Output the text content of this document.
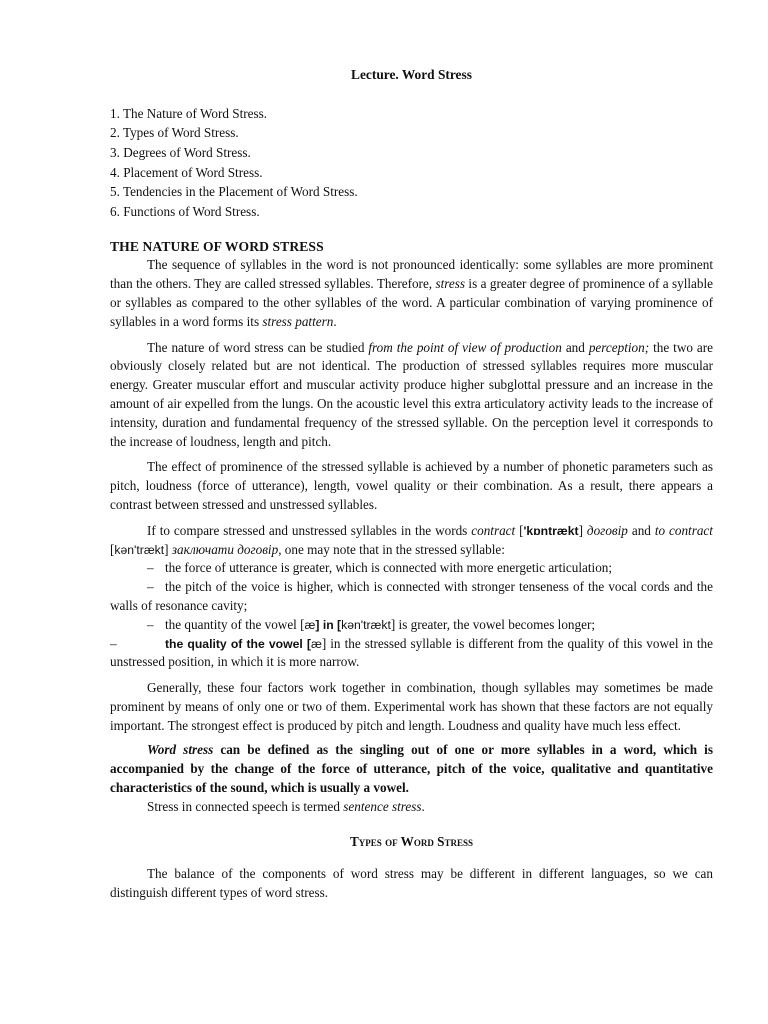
Lecture. Word Stress
1. The Nature of Word Stress.
2. Types of Word Stress.
3. Degrees of Word Stress.
4. Placement of Word Stress.
5. Tendencies in the Placement of Word Stress.
6. Functions of Word Stress.
THE NATURE OF WORD STRESS

The sequence of syllables in the word is not pronounced identically: some syllables are more prominent than the others. They are called stressed syllables. Therefore, stress is a greater degree of prominence of a syllable or syllables as compared to the other syllables of the word. A particular combination of varying prominence of syllables in a word forms its stress pattern.

The nature of word stress can be studied from the point of view of production and perception; the two are obviously closely related but are not identical. The production of stressed syllables requires more muscular energy. Greater muscular effort and muscular activity produce higher subglottal pressure and an increase in the amount of air expelled from the lungs. On the acoustic level this extra articulatory activity leads to the increase of intensity, duration and fundamental frequency of the stressed syllable. On the perception level it corresponds to the increase of loudness, length and pitch.

The effect of prominence of the stressed syllable is achieved by a number of phonetic parameters such as pitch, loudness (force of utterance), length, vowel quality or their combination. As a result, there appears a contrast between stressed and unstressed syllables.

If to compare stressed and unstressed syllables in the words contract ['kɒntrækt] договір and to contract [kən'trækt] заключати договір, one may note that in the stressed syllable:

– the force of utterance is greater, which is connected with more energetic articulation;

– the pitch of the voice is higher, which is connected with stronger tenseness of the vocal cords and the walls of resonance cavity;

– the quantity of the vowel [æ] in [kən'trækt] is greater, the vowel becomes longer;

–	the quality of the vowel [æ] in the stressed syllable is different from the quality of this vowel in the unstressed position, in which it is more narrow.

Generally, these four factors work together in combination, though syllables may sometimes be made prominent by means of only one or two of them. Experimental work has shown that these factors are not equally important. The strongest effect is produced by pitch and length. Loudness and quality have much less effect.

Word stress can be defined as the singling out of one or more syllables in a word, which is accompanied by the change of the force of utterance, pitch of the voice, qualitative and quantitative characteristics of the sound, which is usually a vowel.

Stress in connected speech is termed sentence stress.

Types of Word Stress

The balance of the components of word stress may be different in different languages, so we can distinguish different types of word stress.
